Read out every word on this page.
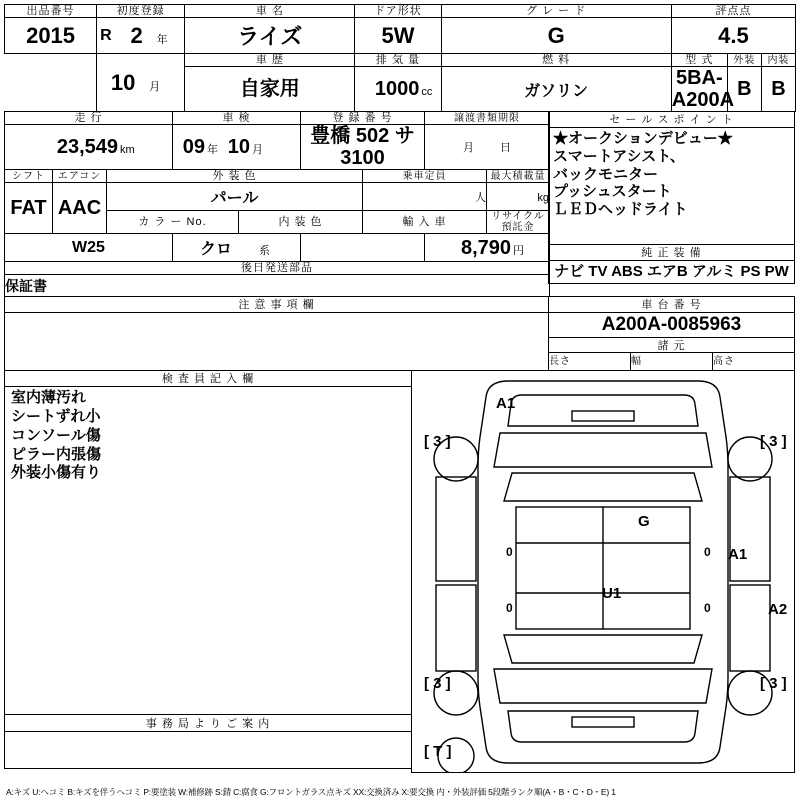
出品番号	初度登録		車 名	ドア形状	グ レ ー ド	評点点		
2015	R	2 年	ライズ	5W	G	4.5		
	10 月		車 歴	排 気 量	燃 料	型 式	外装	内装
			自家用	1000 cc	ガソリン	5BA-A200A	B	B
走 行			車 検		登 録 番 号		譲渡書類期限	
23,549 km			09 年 10 月		豊橋 502 サ 3100		月 日	
シフト	エアコン	外 装 色				乗車定員		最大積載量
FAT	AAC	パール				人		kg
		カ ラ ー No.		内 装 色		輸 入 車		リサイクル預託金
W25			クロ 系				8,790 円	
後日発送部品								
保証書								
セ ー ル ス ポ イ ン ト
★オークションデビュー★
スマートアシスト、
バックモニター
プッシュスタート
ＬＥＤヘッドライト
純 正 装 備
ナビ TV ABS エアB アルミ PS PW
注 意 事 項 欄	車 台 番 号
A200A-0085963
諸 元
長さ	幅	高さ
検 査 員 記 入 欄
室内薄汚れ
シートずれ小
コンソール傷
ピラー内張傷
外装小傷有り
事 務 局 よ り ご 案 内
A1
[ 3 ]	[ 3 ]
G
A1
U1
A2
[ 3 ]	[ 3 ]
[ T ]
0	0
0	0
A:キズ U:ヘコミ B:キズを伴うヘコミ P:要塗装 W:補修跡 S:錆 C:腐食 G:フロントガラス点キズ XX:交換済み X:要交換 内・外装評価 5段階ランク順(A・B・C・D・E) 1
